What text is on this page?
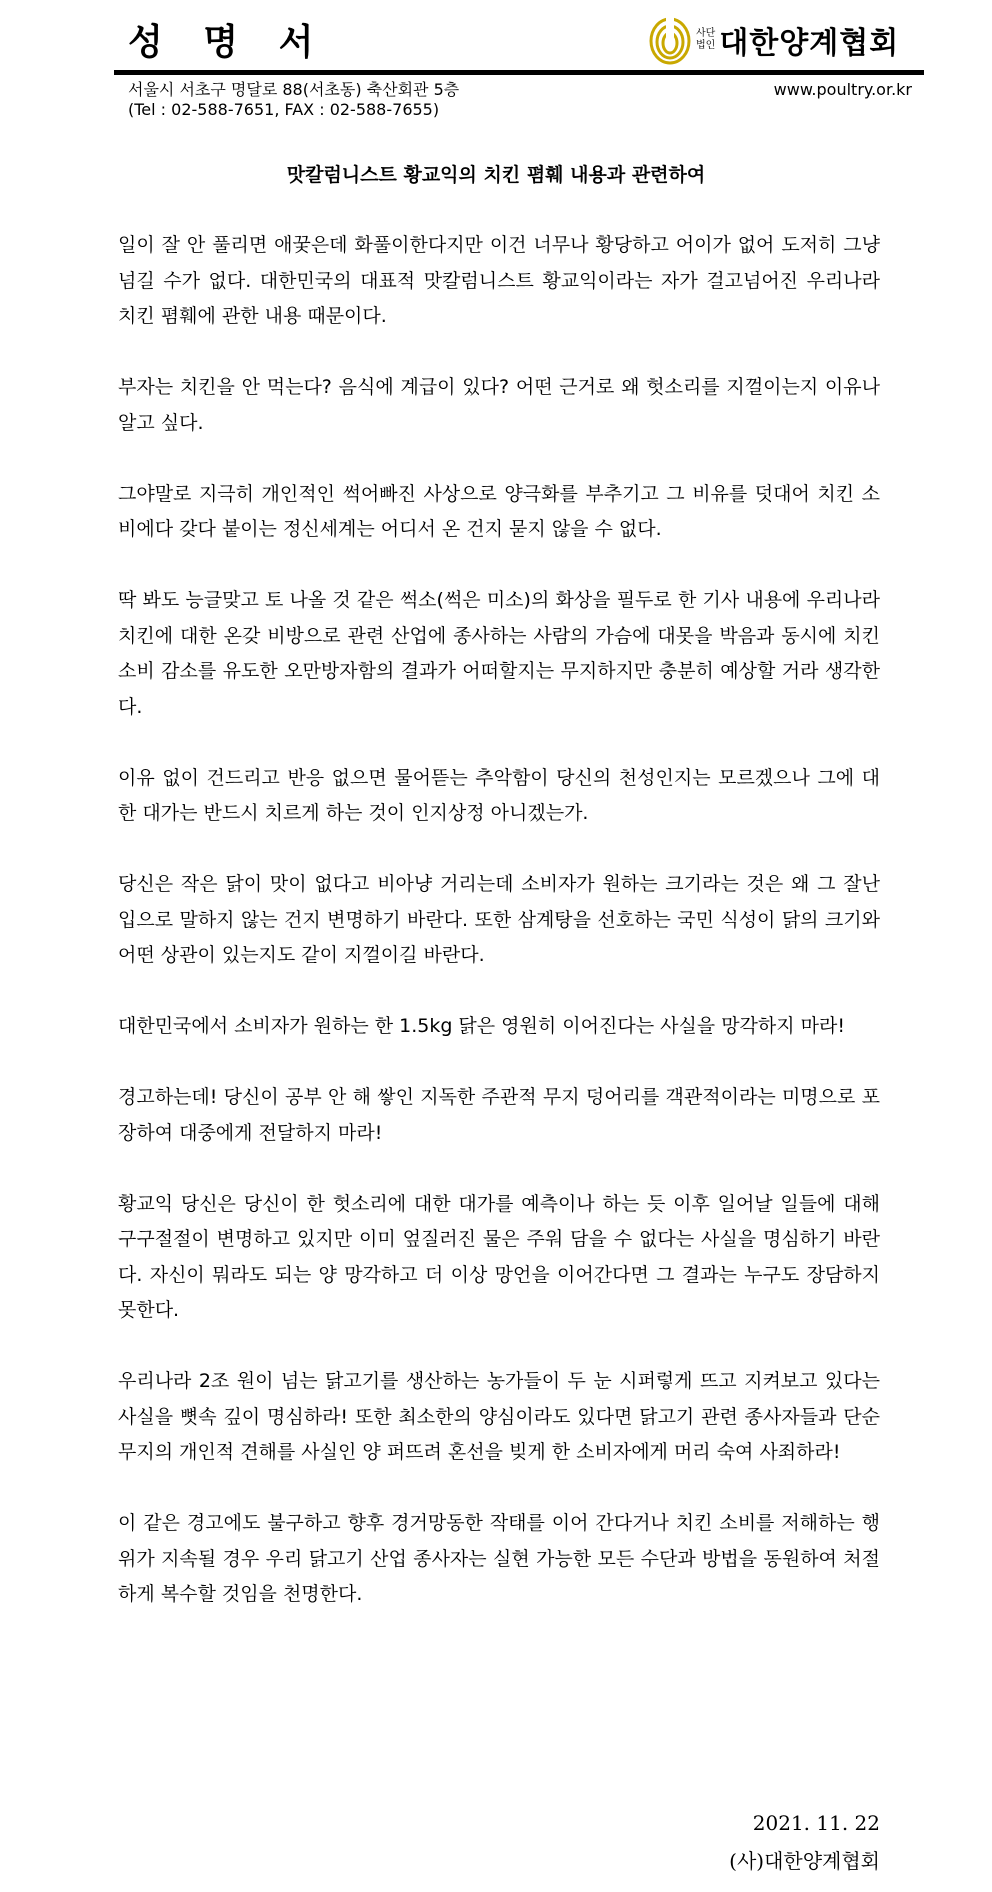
성 명 서	사단
법인 대한양계협회
서울시 서초구 명달로 88(서초동) 축산회관 5층
(Tel : 02-588-7651, FAX : 02-588-7655)
www.poultry.or.kr
맛칼럼니스트 황교익의 치킨 폄훼 내용과 관련하여

일이 잘 안 풀리면 애꿎은데 화풀이한다지만 이건 너무나 황당하고 어이가 없어 도저히 그냥 넘길 수가 없다. 대한민국의 대표적 맛칼럼니스트 황교익이라는 자가 걸고넘어진 우리나라 치킨 폄훼에 관한 내용 때문이다.

부자는 치킨을 안 먹는다? 음식에 계급이 있다? 어떤 근거로 왜 헛소리를 지껄이는지 이유나 알고 싶다.

그야말로 지극히 개인적인 썩어빠진 사상으로 양극화를 부추기고 그 비유를 덧대어 치킨 소비에다 갖다 붙이는 정신세계는 어디서 온 건지 묻지 않을 수 없다.

딱 봐도 능글맞고 토 나올 것 같은 썩소(썩은 미소)의 화상을 필두로 한 기사 내용에 우리나라 치킨에 대한 온갖 비방으로 관련 산업에 종사하는 사람의 가슴에 대못을 박음과 동시에 치킨 소비 감소를 유도한 오만방자함의 결과가 어떠할지는 무지하지만 충분히 예상할 거라 생각한다.

이유 없이 건드리고 반응 없으면 물어뜯는 추악함이 당신의 천성인지는 모르겠으나 그에 대한 대가는 반드시 치르게 하는 것이 인지상정 아니겠는가.

당신은 작은 닭이 맛이 없다고 비아냥 거리는데 소비자가 원하는 크기라는 것은 왜 그 잘난 입으로 말하지 않는 건지 변명하기 바란다. 또한 삼계탕을 선호하는 국민 식성이 닭의 크기와 어떤 상관이 있는지도 같이 지껄이길 바란다.

대한민국에서 소비자가 원하는 한 1.5kg 닭은 영원히 이어진다는 사실을 망각하지 마라!

경고하는데! 당신이 공부 안 해 쌓인 지독한 주관적 무지 덩어리를 객관적이라는 미명으로 포장하여 대중에게 전달하지 마라!

황교익 당신은 당신이 한 헛소리에 대한 대가를 예측이나 하는 듯 이후 일어날 일들에 대해 구구절절이 변명하고 있지만 이미 엎질러진 물은 주워 담을 수 없다는 사실을 명심하기 바란다. 자신이 뭐라도 되는 양 망각하고 더 이상 망언을 이어간다면 그 결과는 누구도 장담하지 못한다.

우리나라 2조 원이 넘는 닭고기를 생산하는 농가들이 두 눈 시퍼렇게 뜨고 지켜보고 있다는 사실을 뼛속 깊이 명심하라! 또한 최소한의 양심이라도 있다면 닭고기 관련 종사자들과 단순무지의 개인적 견해를 사실인 양 퍼뜨려 혼선을 빚게 한 소비자에게 머리 숙여 사죄하라!

이 같은 경고에도 불구하고 향후 경거망동한 작태를 이어 간다거나 치킨 소비를 저해하는 행위가 지속될 경우 우리 닭고기 산업 종사자는 실현 가능한 모든 수단과 방법을 동원하여 처절하게 복수할 것임을 천명한다.

2021. 11. 22
(사)대한양계협회
